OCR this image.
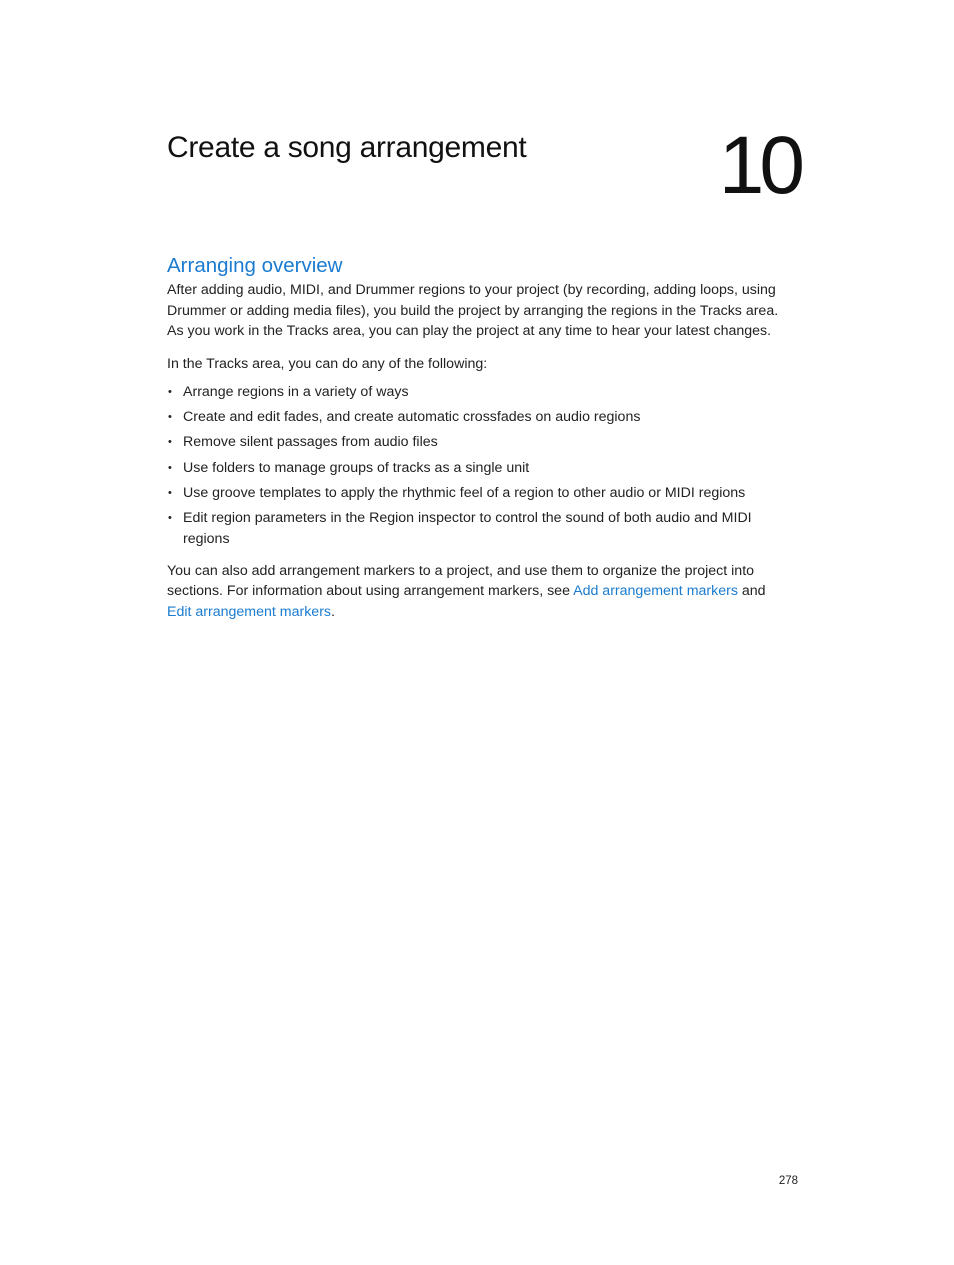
Create a song arrangement 10
Arranging overview

After adding audio, MIDI, and Drummer regions to your project (by recording, adding loops, using Drummer or adding media files), you build the project by arranging the regions in the Tracks area. As you work in the Tracks area, you can play the project at any time to hear your latest changes.

In the Tracks area, you can do any of the following:

• Arrange regions in a variety of ways
• Create and edit fades, and create automatic crossfades on audio regions
• Remove silent passages from audio files
• Use folders to manage groups of tracks as a single unit
• Use groove templates to apply the rhythmic feel of a region to other audio or MIDI regions
• Edit region parameters in the Region inspector to control the sound of both audio and MIDI regions

You can also add arrangement markers to a project, and use them to organize the project into sections. For information about using arrangement markers, see Add arrangement markers and Edit arrangement markers.

278
